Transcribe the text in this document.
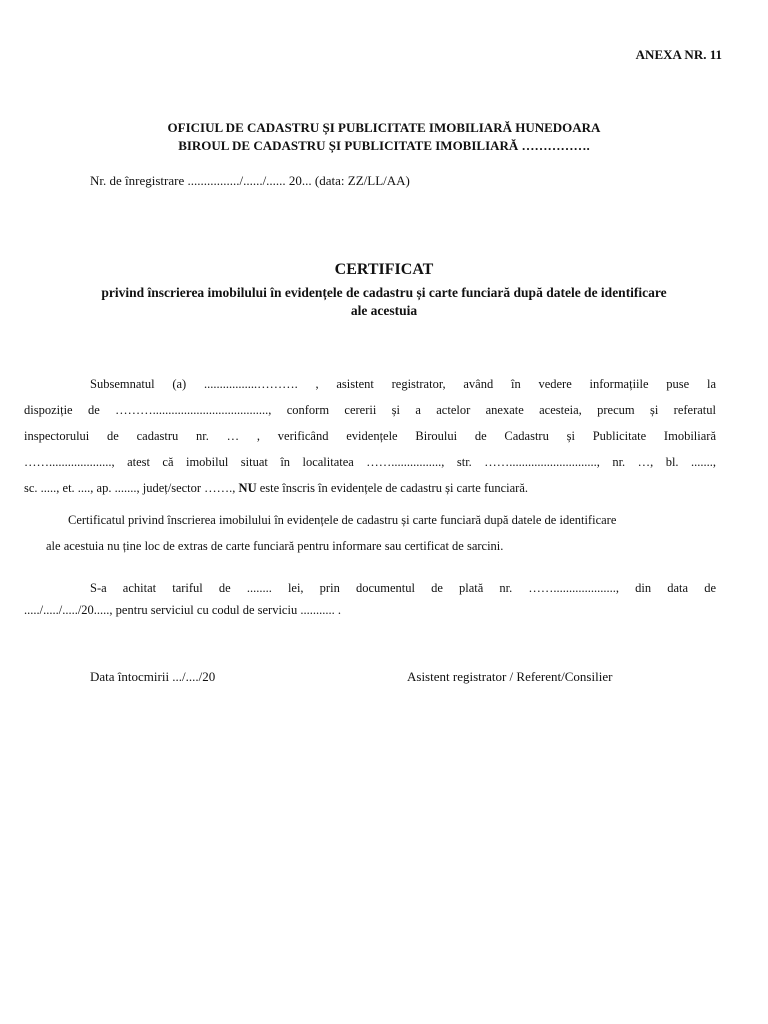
ANEXA NR. 11
OFICIUL DE CADASTRU ȘI PUBLICITATE IMOBILIARĂ HUNEDOARA
BIROUL DE CADASTRU ȘI PUBLICITATE IMOBILIARĂ …………….
Nr. de înregistrare ................/....../...... 20... (data: ZZ/LL/AA)
CERTIFICAT
privind înscrierea imobilului în evidențele de cadastru și carte funciară după datele de identificare
ale acestuia
Subsemnatul (a) .................………. , asistent registrator, având în vedere informațiile puse la
dispoziție de ………....................................., conform cererii și a actelor anexate acesteia, precum și referatul
inspectorului de cadastru nr. … , verificând evidențele Biroului de Cadastru și Publicitate Imobiliară
……...................., atest că imobilul situat în localitatea ……................, str. ……............................, nr. …, bl. .......,
sc. ....., et. ...., ap. ......., județ/sector ……., NU este înscris în evidențele de cadastru și carte funciară.
Certificatul privind înscrierea imobilului în evidențele de cadastru și carte funciară după datele de identificare
ale acestuia nu ține loc de extras de carte funciară pentru informare sau certificat de sarcini.
S-a achitat tariful de ........ lei, prin documentul de plată nr. ……...................., din data de
...../...../...../20....., pentru serviciul cu codul de serviciu ........... .
Data întocmirii .../..../20	Asistent registrator / Referent/Consilier
